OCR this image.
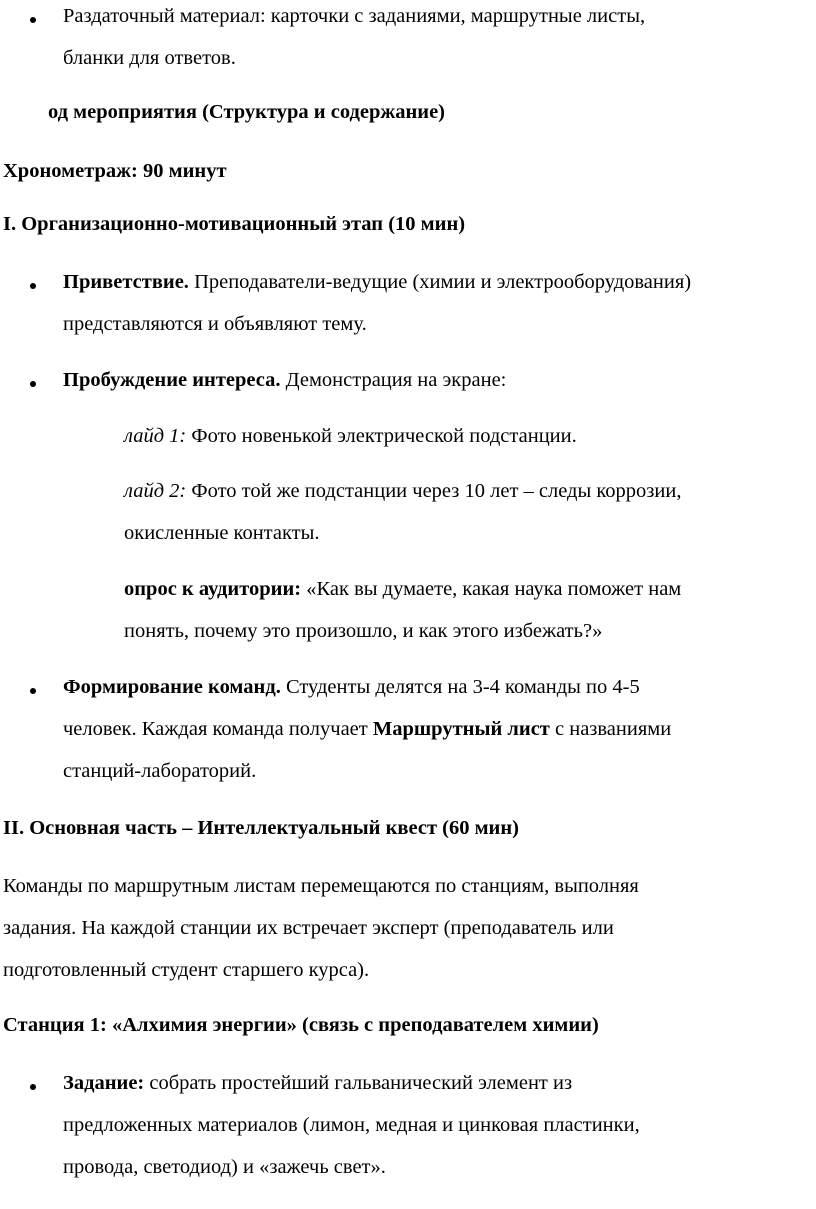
Раздаточный материал: карточки с заданиями, маршрутные листы,
бланки для ответов.
од мероприятия (Структура и содержание)
Хронометраж: 90 минут
I. Организационно-мотивационный этап (10 мин)
Приветствие. Преподаватели-ведущие (химии и электрооборудования)
представляются и объявляют тему.
Пробуждение интереса. Демонстрация на экране:
лайд 1: Фото новенькой электрической подстанции.
лайд 2: Фото той же подстанции через 10 лет – следы коррозии,
окисленные контакты.
опрос к аудитории: «Как вы думаете, какая наука поможет нам
понять, почему это произошло, и как этого избежать?»
Формирование команд. Студенты делятся на 3-4 команды по 4-5
человек. Каждая команда получает Маршрутный лист с названиями
станций-лабораторий.
II. Основная часть – Интеллектуальный квест (60 мин)
Команды по маршрутным листам перемещаются по станциям, выполняя
задания. На каждой станции их встречает эксперт (преподаватель или
подготовленный студент старшего курса).
Станция 1: «Алхимия энергии» (связь с преподавателем химии)
Задание: собрать простейший гальванический элемент из
предложенных материалов (лимон, медная и цинковая пластинки,
провода, светодиод) и «зажечь свет».
